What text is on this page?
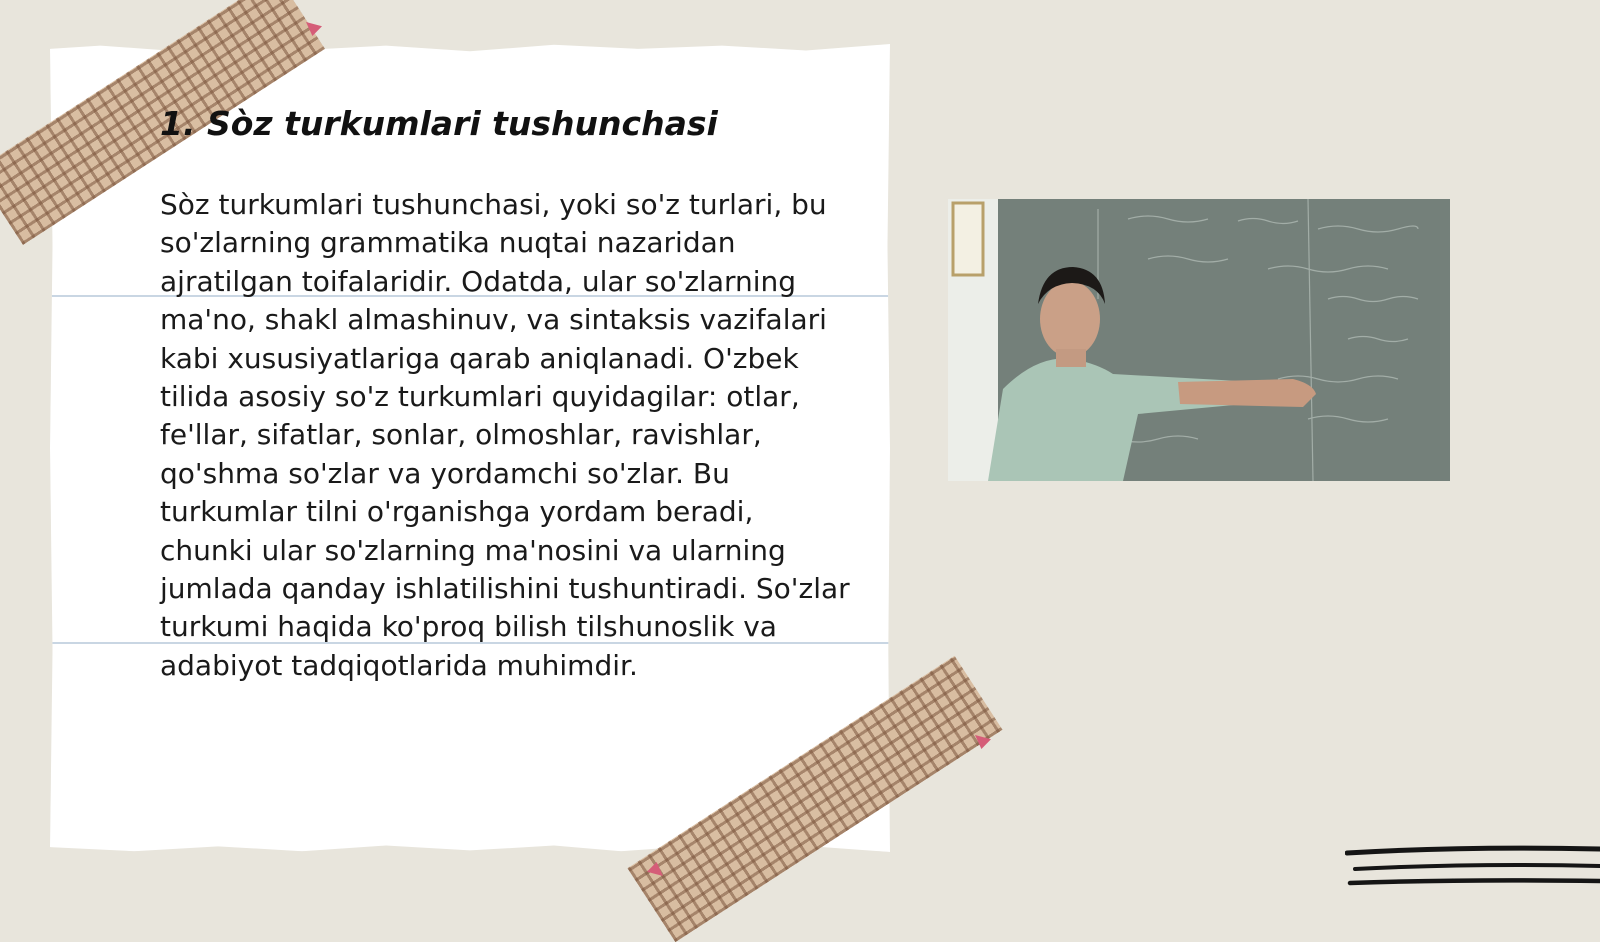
1. Sòz turkumlari tushunchasi

Sòz turkumlari tushunchasi, yoki so'z turlari, bu so'zlarning grammatika nuqtai nazaridan ajratilgan toifalaridir. Odatda, ular so'zlarning ma'no, shakl almashinuv, va sintaksis vazifalari kabi xususiyatlariga qarab aniqlanadi. O'zbek tilida asosiy so'z turkumlari quyidagilar: otlar, fe'llar, sifatlar, sonlar, olmoshlar, ravishlar, qo'shma so'zlar va yordamchi so'zlar. Bu turkumlar tilni o'rganishga yordam beradi, chunki ular so'zlarning ma'nosini va ularning jumlada qanday ishlatilishini tushuntiradi. So'zlar turkumi haqida ko'proq bilish tilshunoslik va adabiyot tadqiqotlarida muhimdir.
